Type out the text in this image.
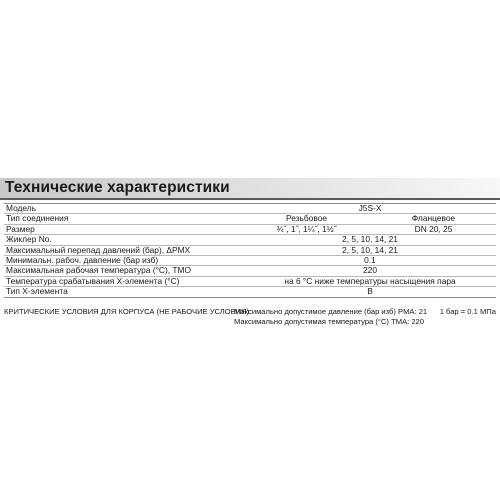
Технические характеристики
Модель	J5S-X	
Тип соединения	Резьбовое	Фланцевое
Размер	¾˝, 1˝, 1¼˝, 1½˝	DN 20, 25
Жиклер No.	2, 5, 10, 14, 21	
Максимальный перепад давлений (бар), ΔPMX	2, 5, 10, 14, 21	
Минимальн. рабоч. давление (бар изб)	0.1	
Максимальная рабочая температура (°C), TMO	220	
Температура срабатывания X-элемента (°C)	на 6 °C ниже температуры насыщения пара	
Тип X-элемента	B	
КРИТИЧЕСКИЕ УСЛОВИЯ ДЛЯ КОРПУСА (НЕ РАБОЧИЕ УСЛОВИЯ):
Максимально допустимое давление (бар изб) PMA: 21
Максимально допустимая температура (°C) TMA: 220
1 бар = 0.1 МПа
